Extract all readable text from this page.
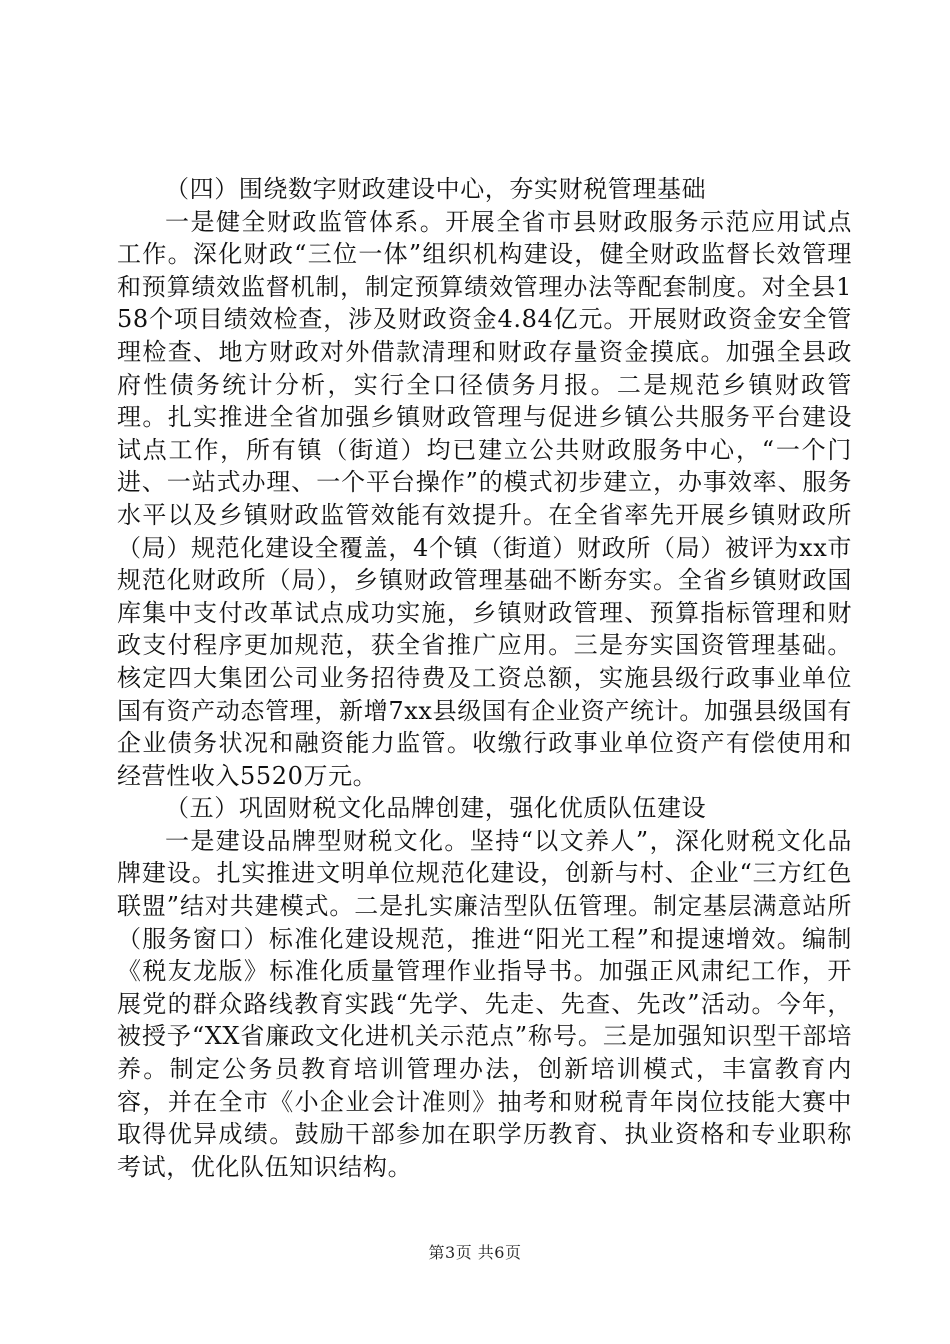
（四）围绕数字财政建设中心，夯实财税管理基础

一是健全财政监管体系。开展全省市县财政服务示范应用试点工作。深化财政“三位一体”组织机构建设，健全财政监督长效管理和预算绩效监督机制，制定预算绩效管理办法等配套制度。对全县158个项目绩效检查，涉及财政资金4.84亿元。开展财政资金安全管理检查、地方财政对外借款清理和财政存量资金摸底。加强全县政府性债务统计分析，实行全口径债务月报。二是规范乡镇财政管理。扎实推进全省加强乡镇财政管理与促进乡镇公共服务平台建设试点工作，所有镇（街道）均已建立公共财政服务中心，“一个门进、一站式办理、一个平台操作”的模式初步建立，办事效率、服务水平以及乡镇财政监管效能有效提升。在全省率先开展乡镇财政所（局）规范化建设全覆盖，4个镇（街道）财政所（局）被评为xx市规范化财政所（局），乡镇财政管理基础不断夯实。全省乡镇财政国库集中支付改革试点成功实施，乡镇财政管理、预算指标管理和财政支付程序更加规范，获全省推广应用。三是夯实国资管理基础。核定四大集团公司业务招待费及工资总额，实施县级行政事业单位国有资产动态管理，新增7xx县级国有企业资产统计。加强县级国有企业债务状况和融资能力监管。收缴行政事业单位资产有偿使用和经营性收入5520万元。

（五）巩固财税文化品牌创建，强化优质队伍建设

一是建设品牌型财税文化。坚持“以文养人”，深化财税文化品牌建设。扎实推进文明单位规范化建设，创新与村、企业“三方红色联盟”结对共建模式。二是扎实廉洁型队伍管理。制定基层满意站所（服务窗口）标准化建设规范，推进“阳光工程”和提速增效。编制《税友龙版》标准化质量管理作业指导书。加强正风肃纪工作，开展党的群众路线教育实践“先学、先走、先查、先改”活动。今年，被授予“XX省廉政文化进机关示范点”称号。三是加强知识型干部培养。制定公务员教育培训管理办法，创新培训模式，丰富教育内容，并在全市《小企业会计准则》抽考和财税青年岗位技能大赛中取得优异成绩。鼓励干部参加在职学历教育、执业资格和专业职称考试，优化队伍知识结构。

第3页 共6页
